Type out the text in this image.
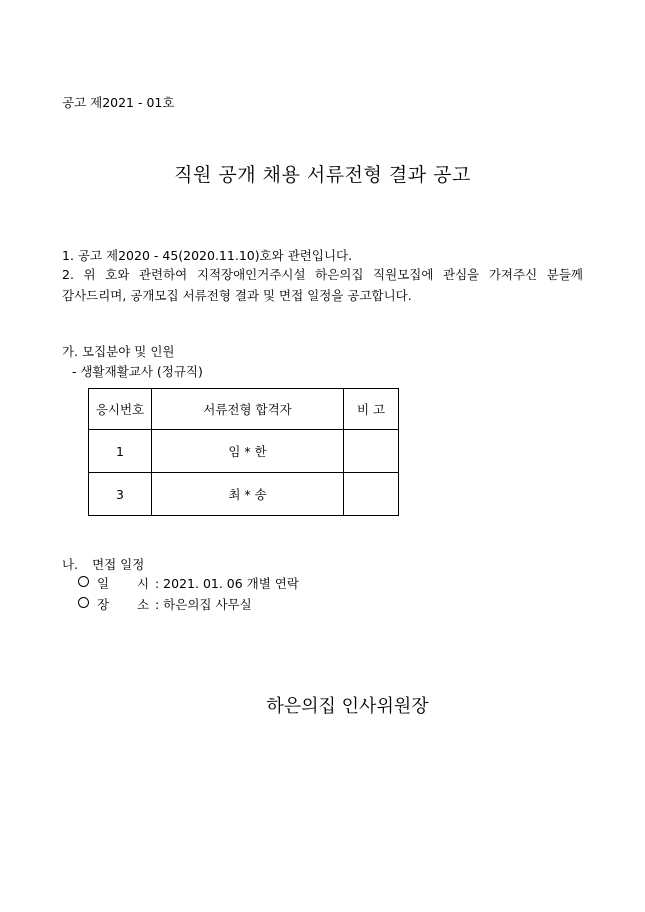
공고 제2021 - 01호
직원 공개 채용 서류전형 결과 공고
1. 공고 제2020 - 45(2020.11.10)호와 관련입니다.
2. 위 호와 관련하여 지적장애인거주시설 하은의집 직원모집에 관심을 가져주신 분들께
감사드리며, 공개모집 서류전형 결과 및 면접 일정을 공고합니다.
가. 모집분야 및 인원
- 생활재활교사 (정규직)
응시번호	서류전형 합격자	비 고
1	임 * 한	
3	최 * 송	
나. 면접 일정
일 시 : 2021. 01. 06 개별 연락
장 소 : 하은의집 사무실
하은의집 인사위원장
